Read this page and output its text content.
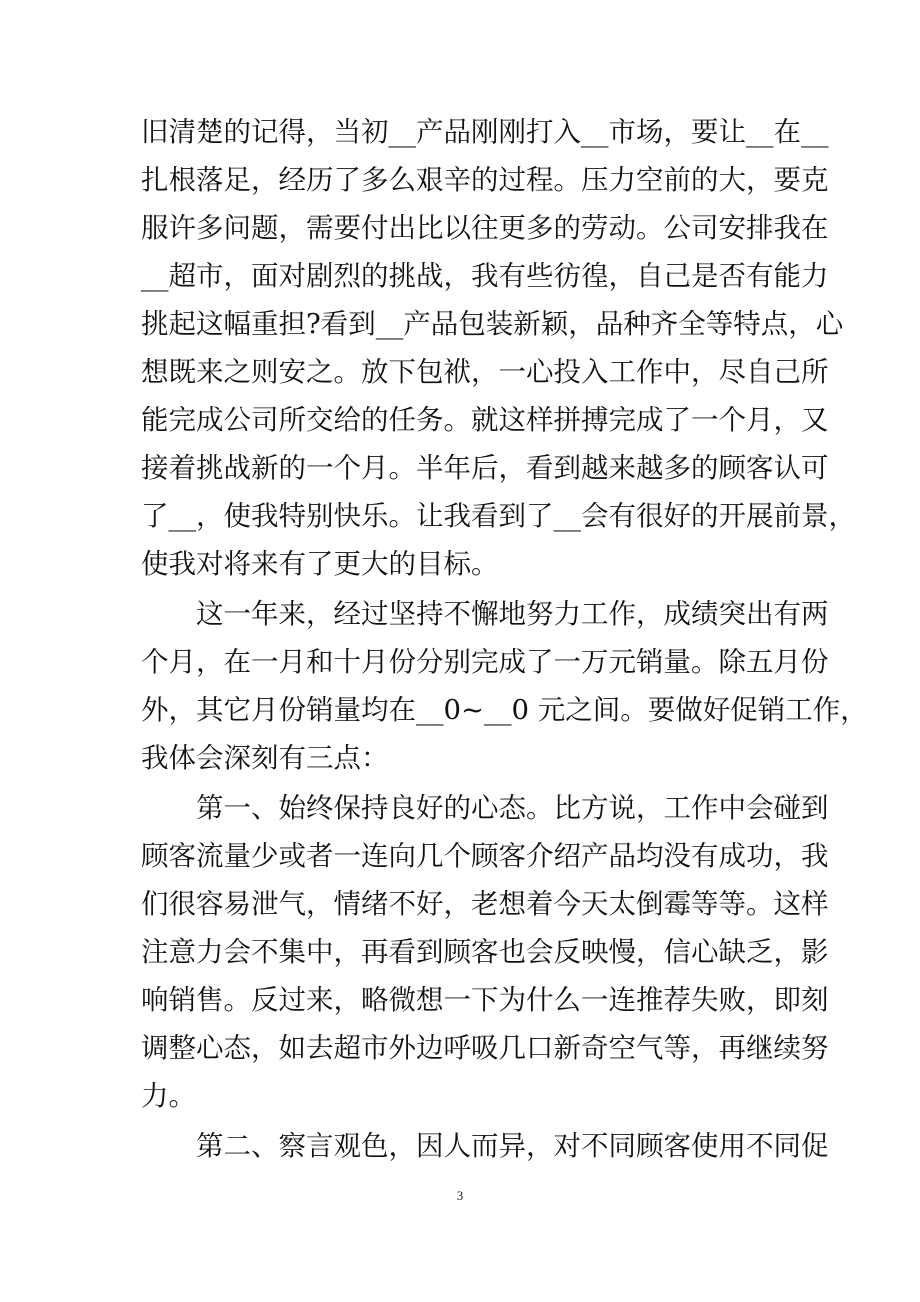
旧清楚的记得，当初__产品刚刚打入__市场，要让__在__
扎根落足，经历了多么艰辛的过程。压力空前的大，要克
服许多问题，需要付出比以往更多的劳动。公司安排我在
__超市，面对剧烈的挑战，我有些彷徨，自己是否有能力
挑起这幅重担?看到__产品包装新颖，品种齐全等特点，心
想既来之则安之。放下包袱，一心投入工作中，尽自己所
能完成公司所交给的任务。就这样拼搏完成了一个月，又
接着挑战新的一个月。半年后，看到越来越多的顾客认可
了__，使我特别快乐。让我看到了__会有很好的开展前景，
使我对将来有了更大的目标。
　　这一年来，经过坚持不懈地努力工作，成绩突出有两
个月，在一月和十月份分别完成了一万元销量。除五月份
外，其它月份销量均在__0~__0 元之间。要做好促销工作，
我体会深刻有三点：
　　第一、始终保持良好的心态。比方说，工作中会碰到
顾客流量少或者一连向几个顾客介绍产品均没有成功，我
们很容易泄气，情绪不好，老想着今天太倒霉等等。这样
注意力会不集中，再看到顾客也会反映慢，信心缺乏，影
响销售。反过来，略微想一下为什么一连推荐失败，即刻
调整心态，如去超市外边呼吸几口新奇空气等，再继续努
力。
　　第二、察言观色，因人而异，对不同顾客使用不同促
3
